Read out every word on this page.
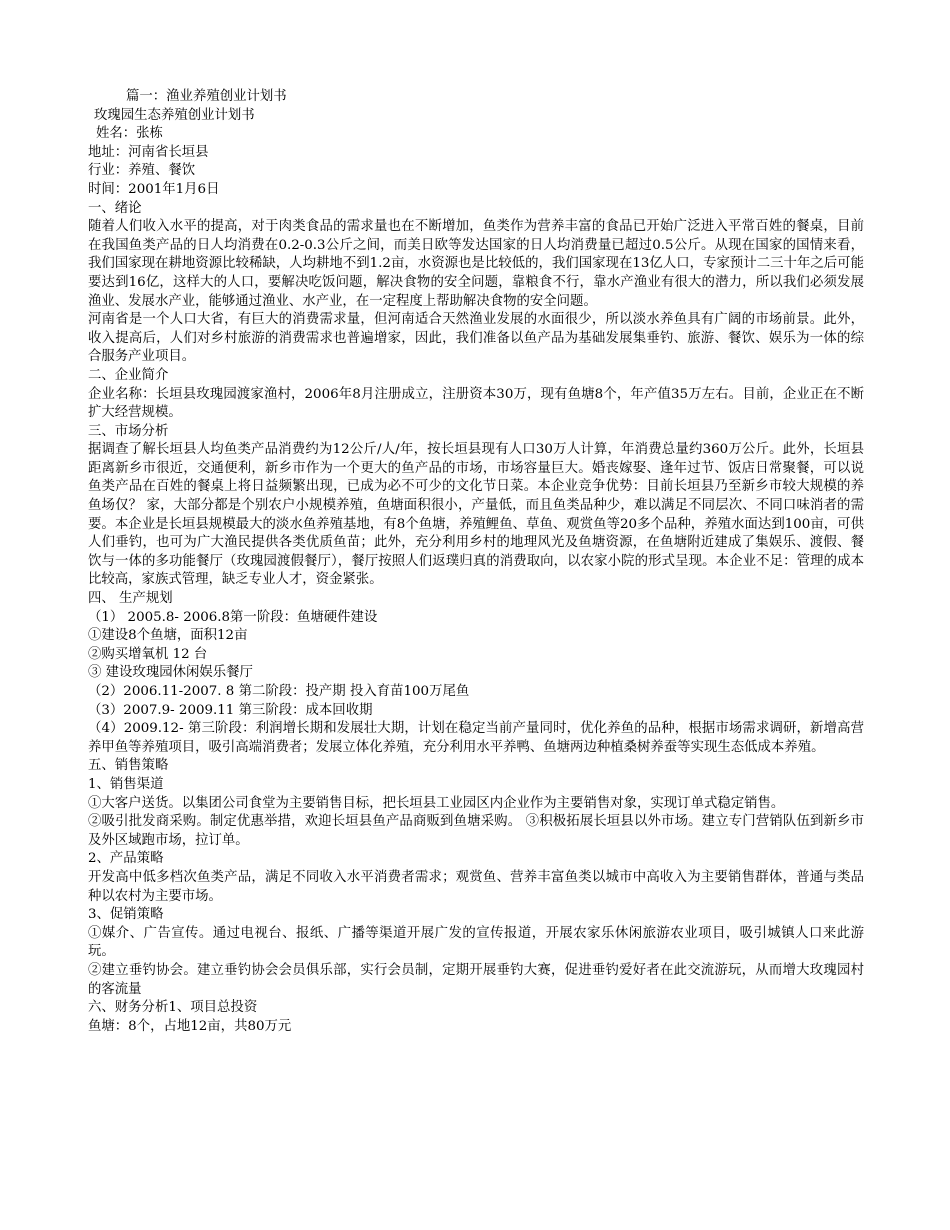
篇一：渔业养殖创业计划书

玫瑰园生态养殖创业计划书

姓名：张栋

地址：河南省长垣县

行业：养殖、餐饮

时间：2001年1月6日

一、绪论

随着人们收入水平的提高，对于肉类食品的需求量也在不断增加，鱼类作为营养丰富的食品已开始广泛进入平常百姓的餐桌，目前在我国鱼类产品的日人均消费在0.2-0.3公斤之间，而美日欧等发达国家的日人均消费量已超过0.5公斤。从现在国家的国情来看，我们国家现在耕地资源比较稀缺，人均耕地不到1.2亩，水资源也是比较低的，我们国家现在13亿人口，专家预计二三十年之后可能要达到16亿，这样大的人口，要解决吃饭问题，解决食物的安全问题，靠粮食不行，靠水产渔业有很大的潜力，所以我们必须发展渔业、发展水产业，能够通过渔业、水产业，在一定程度上帮助解决食物的安全问题。

河南省是一个人口大省，有巨大的消费需求量，但河南适合天然渔业发展的水面很少，所以淡水养鱼具有广阔的市场前景。此外，收入提高后，人们对乡村旅游的消费需求也普遍增家，因此，我们准备以鱼产品为基础发展集垂钓、旅游、餐饮、娱乐为一体的综合服务产业项目。

二、企业简介

企业名称：长垣县玫瑰园渡家渔村，2006年8月注册成立，注册资本30万，现有鱼塘8个，年产值35万左右。目前，企业正在不断扩大经营规模。

三、市场分析

据调查了解长垣县人均鱼类产品消费约为12公斤/人/年，按长垣县现有人口30万人计算，年消费总量约360万公斤。此外，长垣县距离新乡市很近，交通便利，新乡市作为一个更大的鱼产品的市场，市场容量巨大。婚丧嫁娶、逢年过节、饭店日常聚餐，可以说鱼类产品在百姓的餐桌上将日益频繁出现，已成为必不可少的文化节日菜。本企业竞争优势：目前长垣县乃至新乡市较大规模的养鱼场仅？ 家，大部分都是个别农户小规模养殖，鱼塘面积很小，产量低，而且鱼类品种少，难以满足不同层次、不同口味消者的需要。本企业是长垣县规模最大的淡水鱼养殖基地，有8个鱼塘，养殖鲤鱼、草鱼、观赏鱼等20多个品种，养殖水面达到100亩，可供人们垂钓，也可为广大渔民提供各类优质鱼苗；此外，充分利用乡村的地理风光及鱼塘资源，在鱼塘附近建成了集娱乐、渡假、餐饮与一体的多功能餐厅（玫瑰园渡假餐厅），餐厅按照人们返璞归真的消费取向，以农家小院的形式呈现。本企业不足：管理的成本比较高，家族式管理，缺乏专业人才，资金紧张。

四、 生产规划

（1） 2005.8- 2006.8第一阶段：鱼塘硬件建设

①建设8个鱼塘，面积12亩

②购买增氧机 12 台

③ 建设玫瑰园休闲娱乐餐厅

（2）2006.11-2007. 8 第二阶段：投产期 投入育苗100万尾鱼

（3）2007.9- 2009.11 第三阶段：成本回收期

（4）2009.12- 第三阶段：利润增长期和发展壮大期，计划在稳定当前产量同时，优化养鱼的品种，根据市场需求调研，新增高营养甲鱼等养殖项目，吸引高端消费者；发展立体化养殖，充分利用水平养鸭、鱼塘两边种植桑树养蚕等实现生态低成本养殖。

五、销售策略

1、销售渠道

①大客户送货。以集团公司食堂为主要销售目标，把长垣县工业园区内企业作为主要销售对象，实现订单式稳定销售。

②吸引批发商采购。制定优惠举措，欢迎长垣县鱼产品商贩到鱼塘采购。 ③积极拓展长垣县以外市场。建立专门营销队伍到新乡市及外区域跑市场，拉订单。

2、产品策略

开发高中低多档次鱼类产品，满足不同收入水平消费者需求；观赏鱼、营养丰富鱼类以城市中高收入为主要销售群体，普通与类品种以农村为主要市场。

3、促销策略

①媒介、广告宣传。通过电视台、报纸、广播等渠道开展广发的宣传报道，开展农家乐休闲旅游农业项目，吸引城镇人口来此游玩。

②建立垂钓协会。建立垂钓协会会员俱乐部，实行会员制，定期开展垂钓大赛，促进垂钓爱好者在此交流游玩，从而增大玫瑰园村的客流量

六、财务分析1、项目总投资

鱼塘：8个，占地12亩，共80万元
